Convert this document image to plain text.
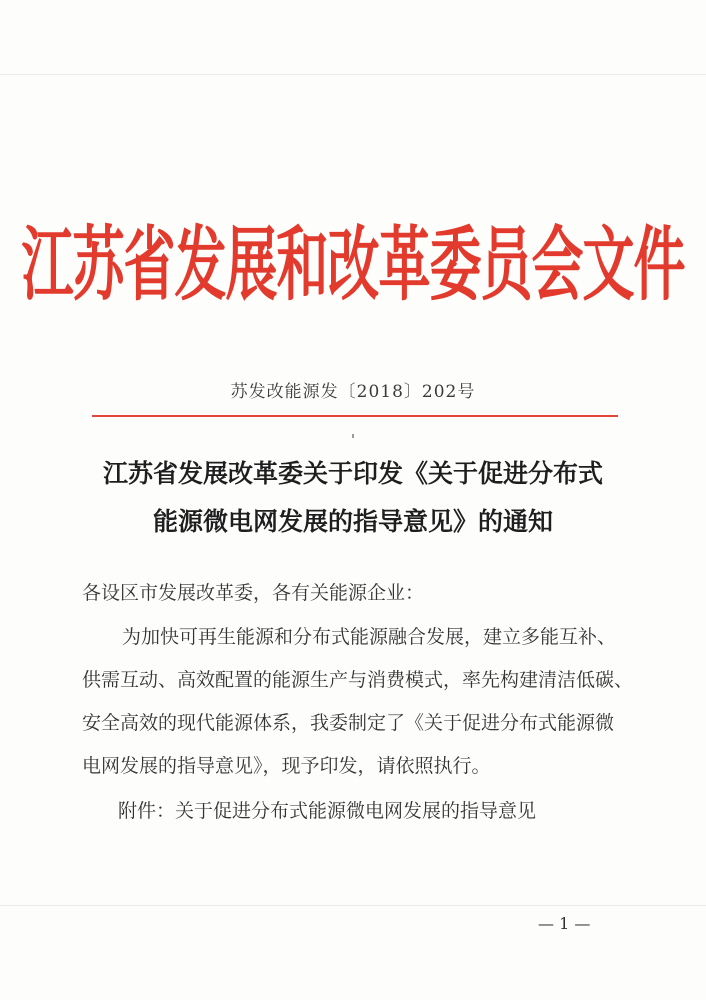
江苏省发展和改革委员会文件
苏发改能源发〔2018〕202号
江苏省发展改革委关于印发《关于促进分布式
能源微电网发展的指导意见》的通知
各设区市发展改革委，各有关能源企业：
为加快可再生能源和分布式能源融合发展，建立多能互补、
供需互动、高效配置的能源生产与消费模式，率先构建清洁低碳、
安全高效的现代能源体系，我委制定了《关于促进分布式能源微
电网发展的指导意见》，现予印发，请依照执行。
附件：关于促进分布式能源微电网发展的指导意见
— 1 —
